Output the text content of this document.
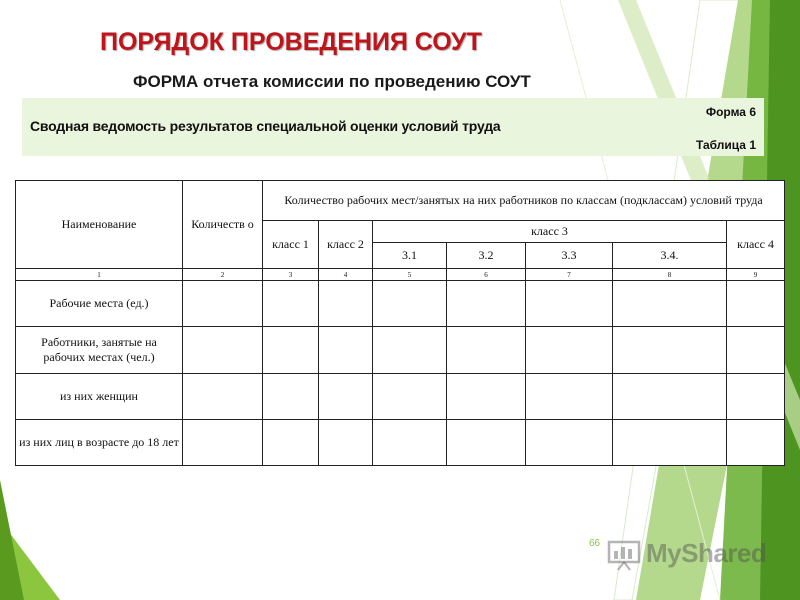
ПОРЯДОК ПРОВЕДЕНИЯ СОУТ
ФОРМА отчета комиссии по проведению СОУТ
Сводная ведомость результатов специальной оценки условий труда
Форма 6
Таблица 1
Наименование	Количеств о	Количество рабочих мест/занятых на них работников по классам (подклассам) условий труда						
		класс 1	класс 2	класс 3				класс 4
				3.1	3.2	3.3	3.4.	
1	2	3	4	5	6	7	8	9
Рабочие места (ед.)								
Работники, занятые на рабочих местах (чел.)								
из них женщин								
из них лиц в возрасте до 18 лет								
66 MyShared
